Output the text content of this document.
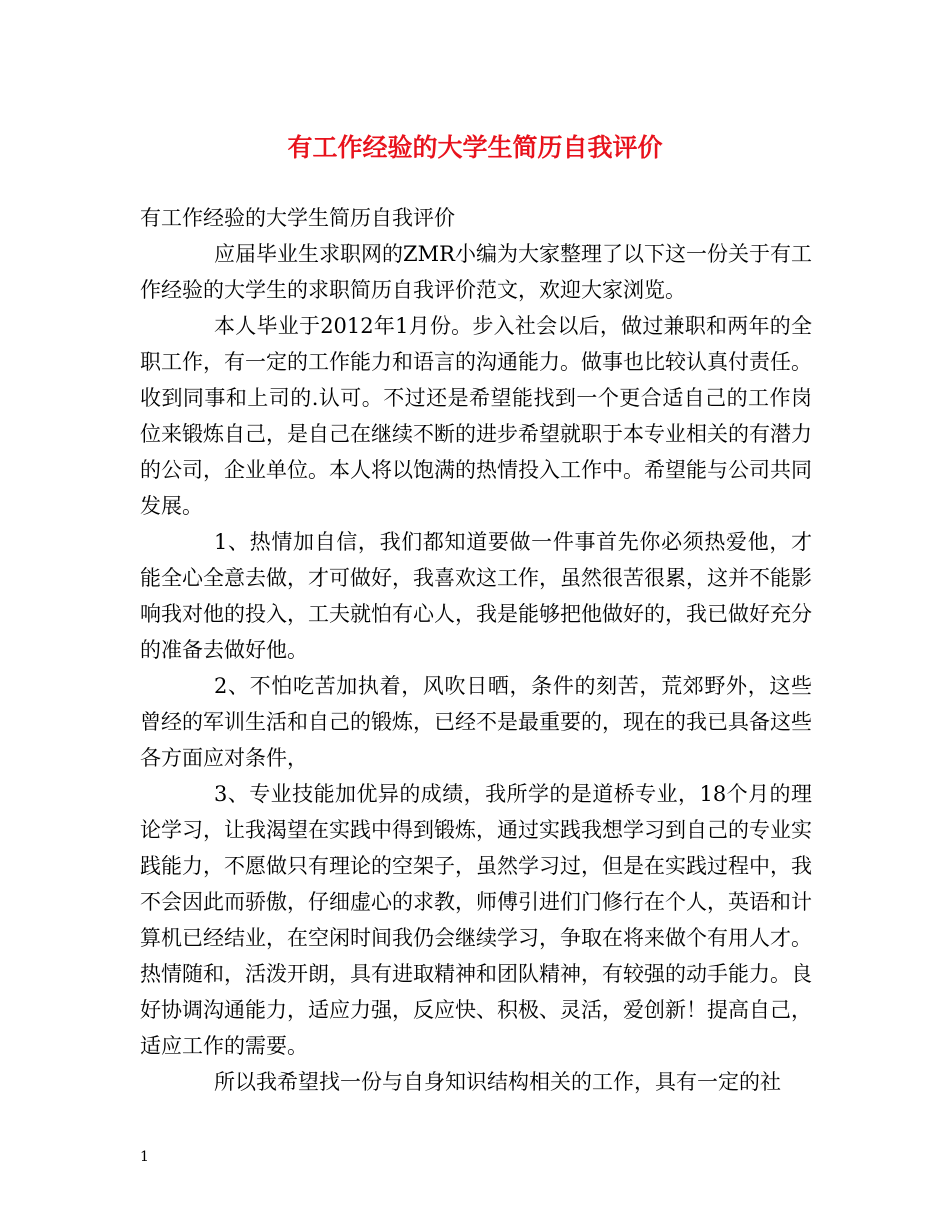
有工作经验的大学生简历自我评价

有工作经验的大学生简历自我评价

应届毕业生求职网的ZMR小编为大家整理了以下这一份关于有工作经验的大学生的求职简历自我评价范文，欢迎大家浏览。

本人毕业于2012年1月份。步入社会以后，做过兼职和两年的全职工作，有一定的工作能力和语言的沟通能力。做事也比较认真付责任。收到同事和上司的.认可。不过还是希望能找到一个更合适自己的工作岗位来锻炼自己，是自己在继续不断的进步希望就职于本专业相关的有潜力的公司，企业单位。本人将以饱满的热情投入工作中。希望能与公司共同发展。

1、热情加自信，我们都知道要做一件事首先你必须热爱他，才能全心全意去做，才可做好，我喜欢这工作，虽然很苦很累，这并不能影响我对他的投入，工夫就怕有心人，我是能够把他做好的，我已做好充分的准备去做好他。

2、不怕吃苦加执着，风吹日晒，条件的刻苦，荒郊野外，这些曾经的军训生活和自己的锻炼，已经不是最重要的，现在的我已具备这些各方面应对条件，

3、专业技能加优异的成绩，我所学的是道桥专业，18个月的理论学习，让我渴望在实践中得到锻炼，通过实践我想学习到自己的专业实践能力，不愿做只有理论的空架子，虽然学习过，但是在实践过程中，我不会因此而骄傲，仔细虚心的求教，师傅引进们门修行在个人，英语和计算机已经结业，在空闲时间我仍会继续学习，争取在将来做个有用人才。热情随和，活泼开朗，具有进取精神和团队精神，有较强的动手能力。良好协调沟通能力，适应力强，反应快、积极、灵活，爱创新！提高自己，适应工作的需要。

所以我希望找一份与自身知识结构相关的工作，具有一定的社

1
